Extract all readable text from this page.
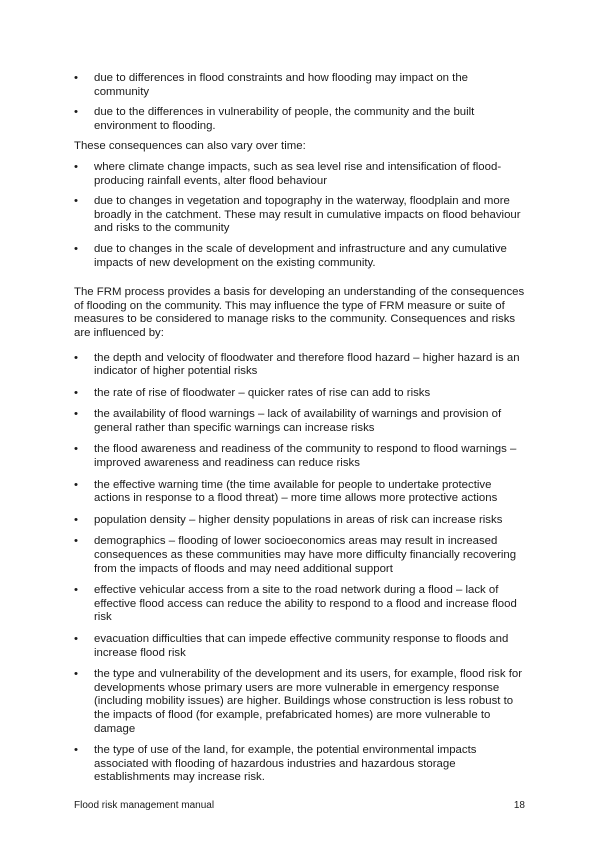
•	due to differences in flood constraints and how flooding may impact on the community
•	due to the differences in vulnerability of people, the community and the built environment to flooding.

These consequences can also vary over time:

•	where climate change impacts, such as sea level rise and intensification of flood-producing rainfall events, alter flood behaviour
•	due to changes in vegetation and topography in the waterway, floodplain and more broadly in the catchment. These may result in cumulative impacts on flood behaviour and risks to the community
•	due to changes in the scale of development and infrastructure and any cumulative impacts of new development on the existing community.

The FRM process provides a basis for developing an understanding of the consequences of flooding on the community. This may influence the type of FRM measure or suite of measures to be considered to manage risks to the community. Consequences and risks are influenced by:

•	the depth and velocity of floodwater and therefore flood hazard – higher hazard is an indicator of higher potential risks
•	the rate of rise of floodwater – quicker rates of rise can add to risks
•	the availability of flood warnings – lack of availability of warnings and provision of general rather than specific warnings can increase risks
•	the flood awareness and readiness of the community to respond to flood warnings – improved awareness and readiness can reduce risks
•	the effective warning time (the time available for people to undertake protective actions in response to a flood threat) – more time allows more protective actions
•	population density – higher density populations in areas of risk can increase risks
•	demographics – flooding of lower socioeconomics areas may result in increased consequences as these communities may have more difficulty financially recovering from the impacts of floods and may need additional support
•	effective vehicular access from a site to the road network during a flood – lack of effective flood access can reduce the ability to respond to a flood and increase flood risk
•	evacuation difficulties that can impede effective community response to floods and increase flood risk
•	the type and vulnerability of the development and its users, for example, flood risk for developments whose primary users are more vulnerable in emergency response (including mobility issues) are higher. Buildings whose construction is less robust to the impacts of flood (for example, prefabricated homes) are more vulnerable to damage
•	the type of use of the land, for example, the potential environmental impacts associated with flooding of hazardous industries and hazardous storage establishments may increase risk.
Flood risk management manual	18
